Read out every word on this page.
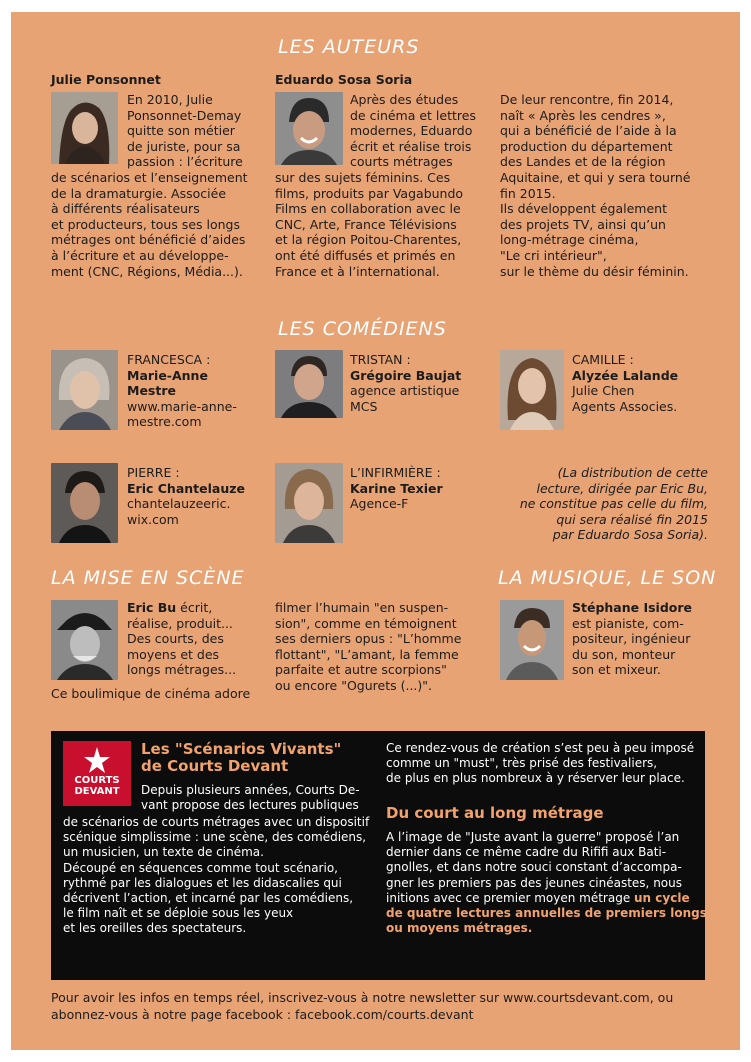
LES AUTEURS
Julie Ponsonnet
En 2010, Julie
Ponsonnet-Demay
quitte son métier
de juriste, pour sa
passion : l’écriture
de scénarios et l’enseignement
de la dramaturgie. Associée
à différents réalisateurs
et producteurs, tous ses longs
métrages ont bénéficié d’aides
à l’écriture et au développe-
ment (CNC, Régions, Média...).
Eduardo Sosa Soria
Après des études
de cinéma et lettres
modernes, Eduardo
écrit et réalise trois
courts métrages
sur des sujets féminins. Ces
films, produits par Vagabundo
Films en collaboration avec le
CNC, Arte, France Télévisions
et la région Poitou-Charentes,
ont été diffusés et primés en
France et à l’international.
De leur rencontre, fin 2014,
naît « Après les cendres »,
qui a bénéficié de l’aide à la
production du département
des Landes et de la région
Aquitaine, et qui y sera tourné
fin 2015.
Ils développent également
des projets TV, ainsi qu’un
long-métrage cinéma,
"Le cri intérieur",
sur le thème du désir féminin.
LES COMÉDIENS
FRANCESCA :
Marie-Anne
Mestre
www.marie-anne-
mestre.com
TRISTAN :
Grégoire Baujat
agence artistique
MCS
CAMILLE :
Alyzée Lalande
Julie Chen
Agents Associes.
PIERRE :
Eric Chantelauze
chantelauzeeric.
wix.com
L’INFIRMIÈRE :
Karine Texier
Agence-F
(La distribution de cette
lecture, dirigée par Eric Bu,
ne constitue pas celle du film,
qui sera réalisé fin 2015
par Eduardo Sosa Soria).
LA MISE EN SCÈNE
Eric Bu écrit,
réalise, produit...
Des courts, des
moyens et des
longs métrages...
Ce boulimique de cinéma adore
filmer l’humain "en suspen-
sion", comme en témoignent
ses derniers opus : "L’homme
flottant", "L’amant, la femme
parfaite et autre scorpions"
ou encore "Ogurets (...)".
LA MUSIQUE, LE SON
Stéphane Isidore
est pianiste, com-
positeur, ingénieur
du son, monteur
son et mixeur.
COURTS
DEVANT
Les "Scénarios Vivants"
de Courts Devant
Depuis plusieurs années, Courts De-
vant propose des lectures publiques
de scénarios de courts métrages avec un dispositif
scénique simplissime : une scène, des comédiens,
un musicien, un texte de cinéma.
Découpé en séquences comme tout scénario,
rythmé par les dialogues et les didascalies qui
décrivent l’action, et incarné par les comédiens,
le film naît et se déploie sous les yeux
et les oreilles des spectateurs.
Ce rendez-vous de création s’est peu à peu imposé
comme un "must", très prisé des festivaliers,
de plus en plus nombreux à y réserver leur place.
Du court au long métrage
A l’image de "Juste avant la guerre" proposé l’an
dernier dans ce même cadre du Rififi aux Bati-
gnolles, et dans notre souci constant d’accompa-
gner les premiers pas des jeunes cinéastes, nous
initions avec ce premier moyen métrage un cycle
de quatre lectures annuelles de premiers longs
ou moyens métrages.
Pour avoir les infos en temps réel, inscrivez-vous à notre newsletter sur www.courtsdevant.com, ou
abonnez-vous à notre page facebook : facebook.com/courts.devant
